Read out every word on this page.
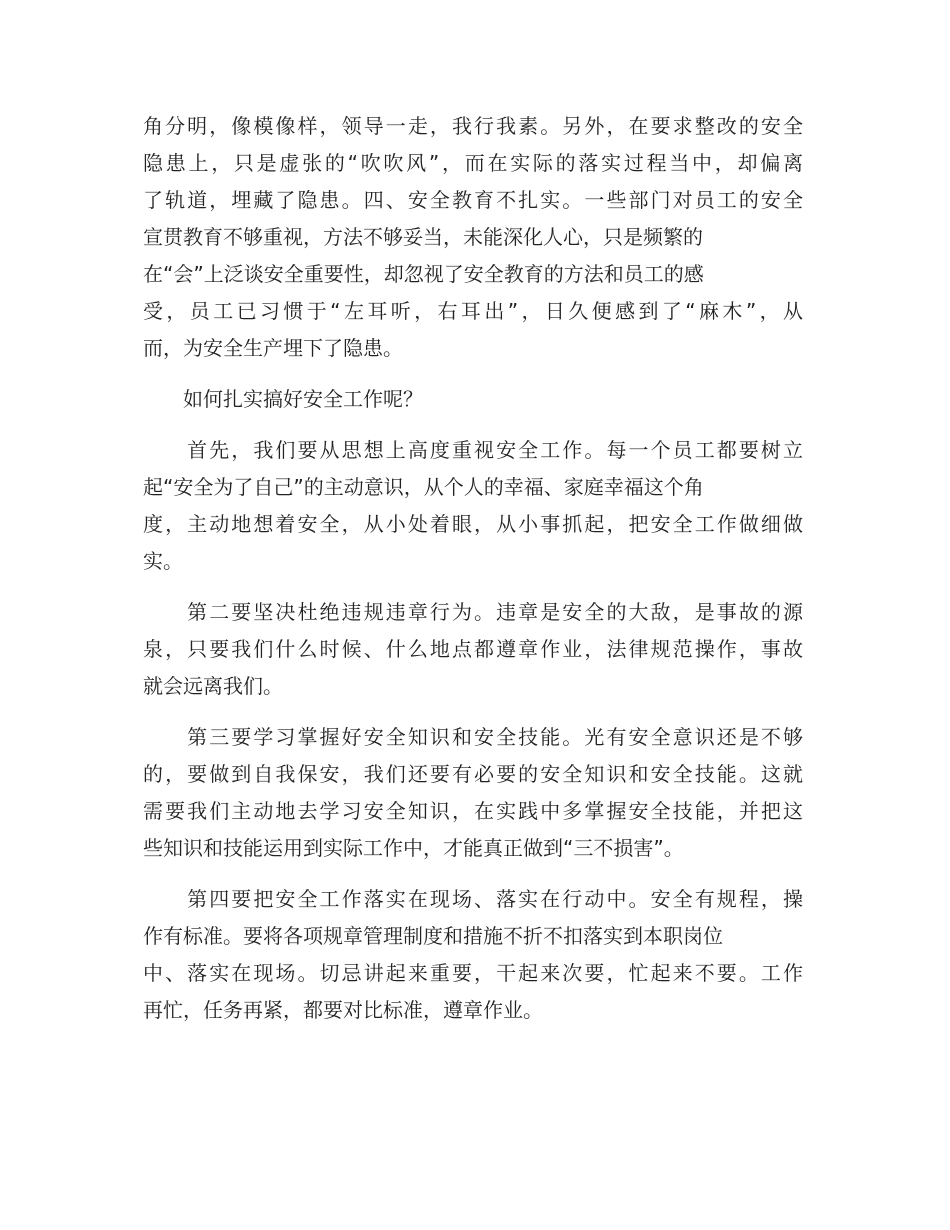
角分明，像模像样，领导一走，我行我素。另外，在要求整改的安全
隐患上，只是虚张的“吹吹风”，而在实际的落实过程当中，却偏离
了轨道，埋藏了隐患。四、安全教育不扎实。一些部门对员工的安全
宣贯教育不够重视，方法不够妥当，未能深化人心，只是频繁的
在“会”上泛谈安全重要性，却忽视了安全教育的方法和员工的感
受，员工已习惯于“左耳听，右耳出”，日久便感到了“麻木”，从
而，为安全生产埋下了隐患。
　　如何扎实搞好安全工作呢？
　　首先，我们要从思想上高度重视安全工作。每一个员工都要树立
起“安全为了自己”的主动意识，从个人的幸福、家庭幸福这个角
度，主动地想着安全，从小处着眼，从小事抓起，把安全工作做细做
实。
　　第二要坚决杜绝违规违章行为。违章是安全的大敌，是事故的源
泉，只要我们什么时候、什么地点都遵章作业，法律规范操作，事故
就会远离我们。
　　第三要学习掌握好安全知识和安全技能。光有安全意识还是不够
的，要做到自我保安，我们还要有必要的安全知识和安全技能。这就
需要我们主动地去学习安全知识，在实践中多掌握安全技能，并把这
些知识和技能运用到实际工作中，才能真正做到“三不损害”。
　　第四要把安全工作落实在现场、落实在行动中。安全有规程，操
作有标准。要将各项规章管理制度和措施不折不扣落实到本职岗位
中、落实在现场。切忌讲起来重要，干起来次要，忙起来不要。工作
再忙，任务再紧，都要对比标准，遵章作业。
